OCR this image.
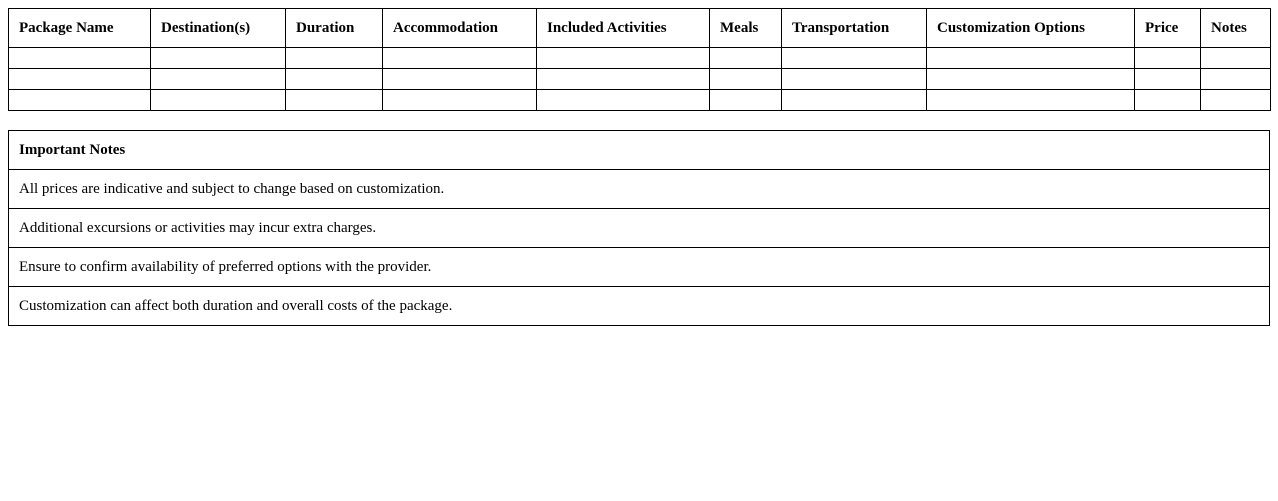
Package Name	Destination(s)	Duration	Accommodation	Included Activities	Meals	Transportation	Customization Options	Price	Notes

Important Notes
All prices are indicative and subject to change based on customization.
Additional excursions or activities may incur extra charges.
Ensure to confirm availability of preferred options with the provider.
Customization can affect both duration and overall costs of the package.
